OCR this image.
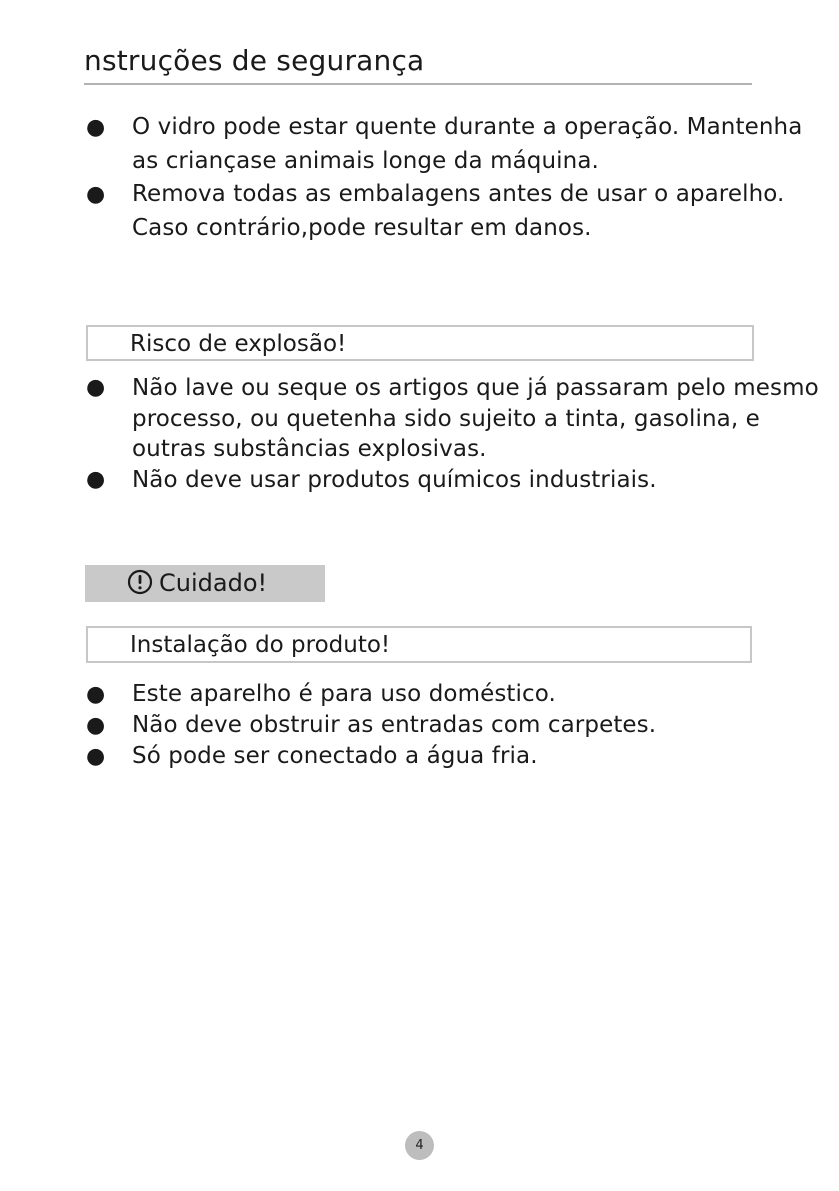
nstruções de segurança
● O vidro pode estar quente durante a operação. Mantenha
as criançase animais longe da máquina.
● Remova todas as embalagens antes de usar o aparelho.
Caso contrário,pode resultar em danos.
Risco de explosão!
● Não lave ou seque os artigos que já passaram pelo mesmo
processo, ou quetenha sido sujeito a tinta, gasolina, e
outras substâncias explosivas.
● Não deve usar produtos químicos industriais.
Cuidado!
Instalação do produto!
● Este aparelho é para uso doméstico.
● Não deve obstruir as entradas com carpetes.
● Só pode ser conectado a água fria.
4
